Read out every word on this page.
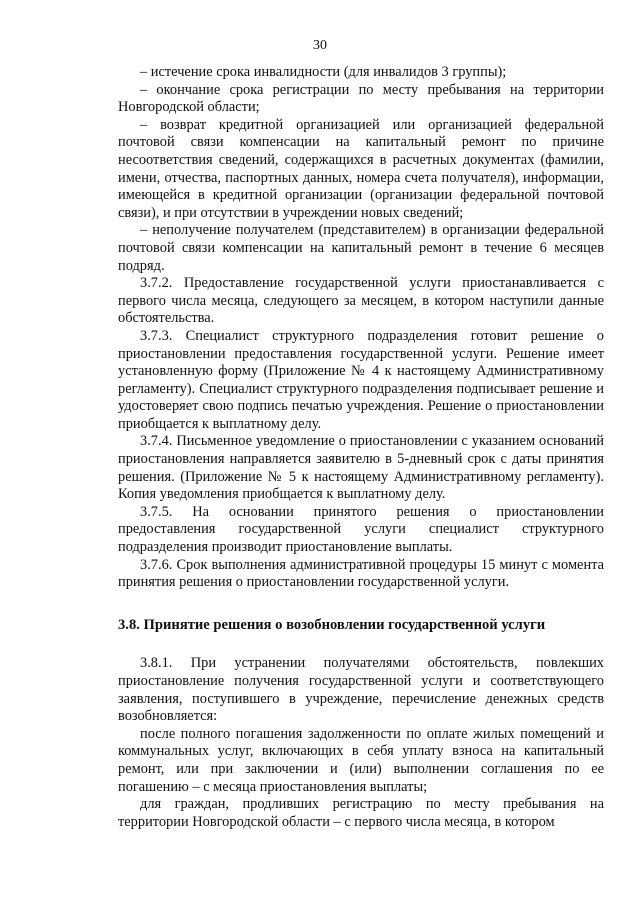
30

– истечение срока инвалидности (для инвалидов 3 группы);

– окончание срока регистрации по месту пребывания на территории Новгородской области;

– возврат кредитной организацией или организацией федеральной почтовой связи компенсации на капитальный ремонт по причине несоответствия сведений, содержащихся в расчетных документах (фамилии, имени, отчества, паспортных данных, номера счета получателя), информации, имеющейся в кредитной организации (организации федеральной почтовой связи), и при отсутствии в учреждении новых сведений;

– неполучение получателем (представителем) в организации федеральной почтовой связи компенсации на капитальный ремонт в течение 6 месяцев подряд.

3.7.2. Предоставление государственной услуги приостанавливается с первого числа месяца, следующего за месяцем, в котором наступили данные обстоятельства.

3.7.3. Специалист структурного подразделения готовит решение о приостановлении предоставления государственной услуги. Решение имеет установленную форму (Приложение № 4 к настоящему Административному регламенту). Специалист структурного подразделения подписывает решение и удостоверяет свою подпись печатью учреждения. Решение о приостановлении приобщается к выплатному делу.

3.7.4. Письменное уведомление о приостановлении с указанием оснований приостановления направляется заявителю в 5-дневный срок с даты принятия решения. (Приложение № 5 к настоящему Административному регламенту). Копия уведомления приобщается к выплатному делу.

3.7.5. На основании принятого решения о приостановлении предоставления государственной услуги специалист структурного подразделения производит приостановление выплаты.

3.7.6. Срок выполнения административной процедуры 15 минут с момента принятия решения о приостановлении государственной услуги.

3.8. Принятие решения о возобновлении государственной услуги

3.8.1. При устранении получателями обстоятельств, повлекших приостановление получения государственной услуги и соответствующего заявления, поступившего в учреждение, перечисление денежных средств возобновляется:

после полного погашения задолженности по оплате жилых помещений и коммунальных услуг, включающих в себя уплату взноса на капитальный ремонт, или при заключении и (или) выполнении соглашения по ее погашению – с месяца приостановления выплаты;

для граждан, продливших регистрацию по месту пребывания на территории Новгородской области – с первого числа месяца, в котором
